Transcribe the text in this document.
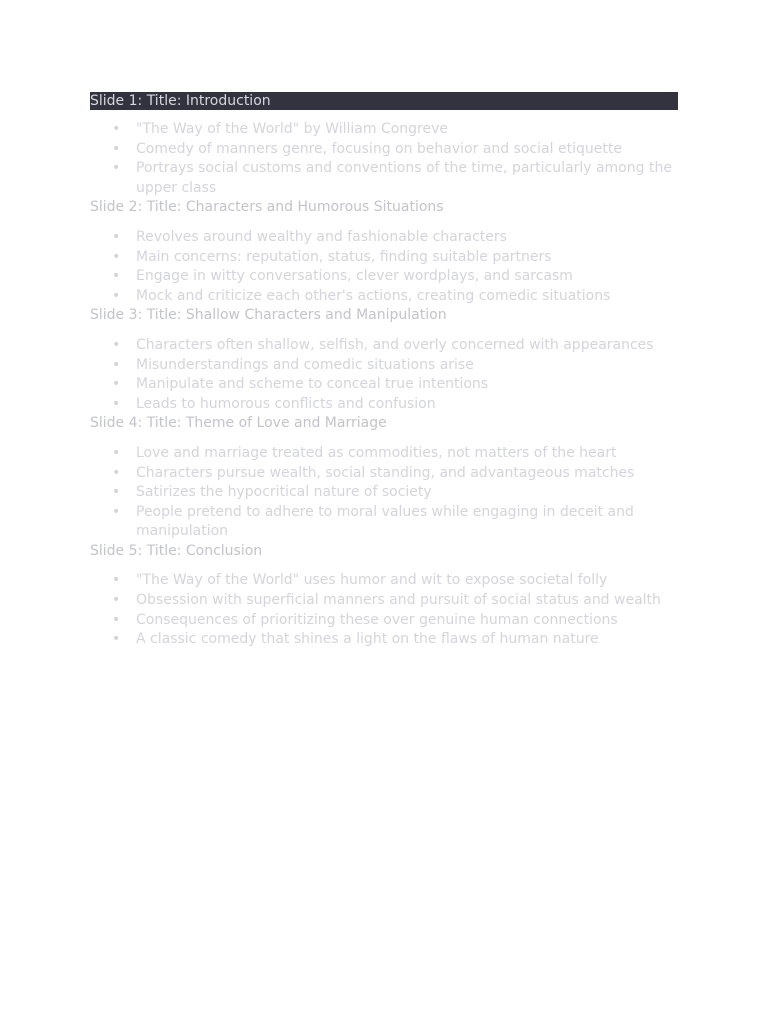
Slide 1: Title: Introduction
• "The Way of the World" by William Congreve
• Comedy of manners genre, focusing on behavior and social etiquette
• Portrays social customs and conventions of the time, particularly among the upper class
Slide 2: Title: Characters and Humorous Situations
• Revolves around wealthy and fashionable characters
• Main concerns: reputation, status, finding suitable partners
• Engage in witty conversations, clever wordplays, and sarcasm
• Mock and criticize each other's actions, creating comedic situations
Slide 3: Title: Shallow Characters and Manipulation
• Characters often shallow, selfish, and overly concerned with appearances
• Misunderstandings and comedic situations arise
• Manipulate and scheme to conceal true intentions
• Leads to humorous conflicts and confusion
Slide 4: Title: Theme of Love and Marriage
• Love and marriage treated as commodities, not matters of the heart
• Characters pursue wealth, social standing, and advantageous matches
• Satirizes the hypocritical nature of society
• People pretend to adhere to moral values while engaging in deceit and manipulation
Slide 5: Title: Conclusion
• "The Way of the World" uses humor and wit to expose societal folly
• Obsession with superficial manners and pursuit of social status and wealth
• Consequences of prioritizing these over genuine human connections
• A classic comedy that shines a light on the flaws of human nature
